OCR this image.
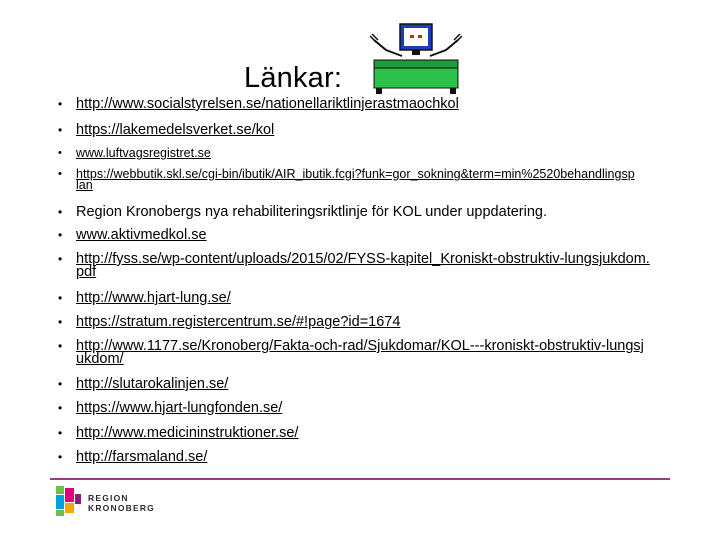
Länkar:
• http://www.socialstyrelsen.se/nationellariktlinjerastmaochkol
• https://lakemedelsverket.se/kol
•	www.luftvagsregistret.se
•	https://webbutik.skl.se/cgi-bin/ibutik/AIR_ibutik.fcgi?funk=gor_sokning&term=min%2520behandlingsplan
• Region Kronobergs nya rehabiliteringsriktlinje för KOL under uppdatering.
• www.aktivmedkol.se
• http://fyss.se/wp-content/uploads/2015/02/FYSS-kapitel_Kroniskt-obstruktiv-lungsjukdom.pdf
• http://www.hjart-lung.se/
• https://stratum.registercentrum.se/#!page?id=1674
• http://www.1177.se/Kronoberg/Fakta-och-rad/Sjukdomar/KOL---kroniskt-obstruktiv-lungsjukdom/
• http://slutarokalinjen.se/
• https://www.hjart-lungfonden.se/
• http://www.medicininstruktioner.se/
• http://farsmaland.se/
REGION
KRONOBERG
